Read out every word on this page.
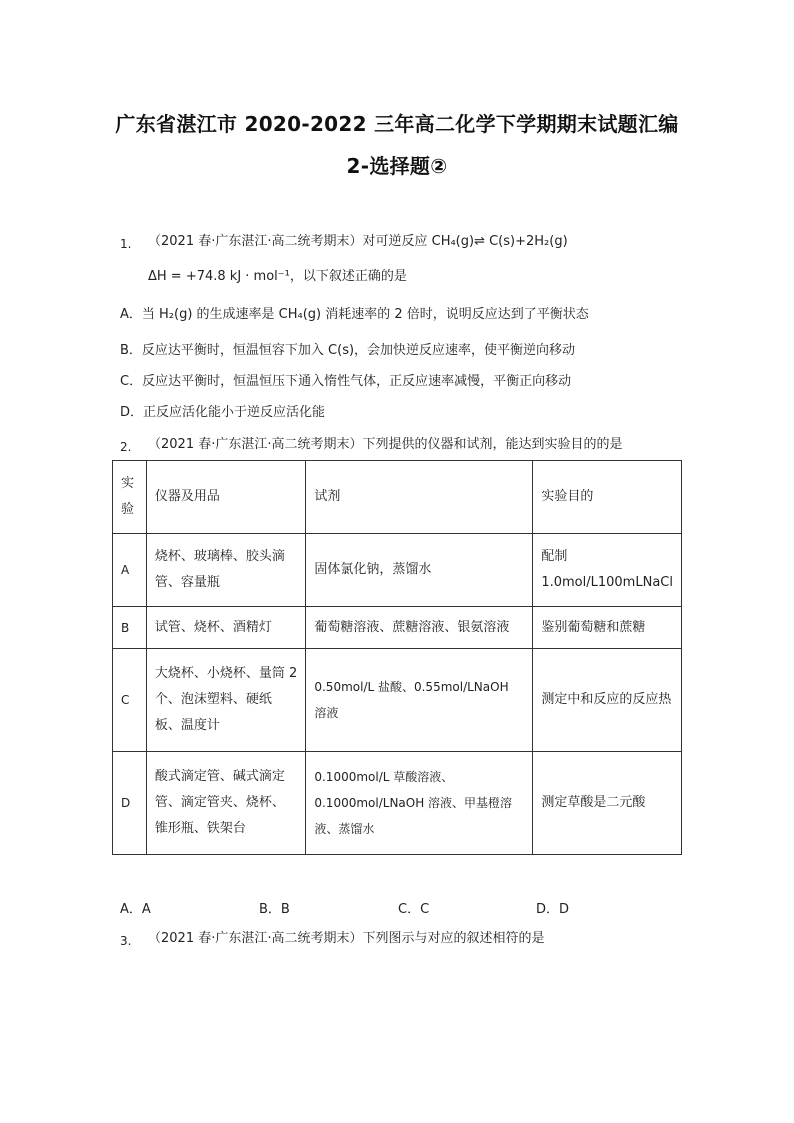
广东省湛江市 2020-2022 三年高二化学下学期期末试题汇编
2-选择题②
1. （2021 春·广东湛江·高二统考期末）对可逆反应 CH₄(g)⇌ C(s)+2H₂(g)
ΔH = +74.8 kJ · mol⁻¹，以下叙述正确的是
A．当 H₂(g) 的生成速率是 CH₄(g) 消耗速率的 2 倍时，说明反应达到了平衡状态
B．反应达平衡时，恒温恒容下加入 C(s)，会加快逆反应速率，使平衡逆向移动
C．反应达平衡时，恒温恒压下通入惰性气体，正反应速率减慢，平衡正向移动
D．正反应活化能小于逆反应活化能
2. （2021 春·广东湛江·高二统考期末）下列提供的仪器和试剂，能达到实验目的的是
实验	仪器及用品	试剂	实验目的
A	烧杯、玻璃棒、胶头滴管、容量瓶	固体氯化钠，蒸馏水	配制 1.0mol/L100mLNaCl
B	试管、烧杯、酒精灯	葡萄糖溶液、蔗糖溶液、银氨溶液	鉴别葡萄糖和蔗糖
C	大烧杯、小烧杯、量筒 2 个、泡沫塑料、硬纸板、温度计	0.50mol/L 盐酸、0.55mol/LNaOH 溶液	测定中和反应的反应热
D	酸式滴定管、碱式滴定管、滴定管夹、烧杯、锥形瓶、铁架台	0.1000mol/L 草酸溶液、0.1000mol/LNaOH 溶液、甲基橙溶液、蒸馏水	测定草酸是二元酸
A．A	B．B	C．C	D．D
3. （2021 春·广东湛江·高二统考期末）下列图示与对应的叙述相符的是
